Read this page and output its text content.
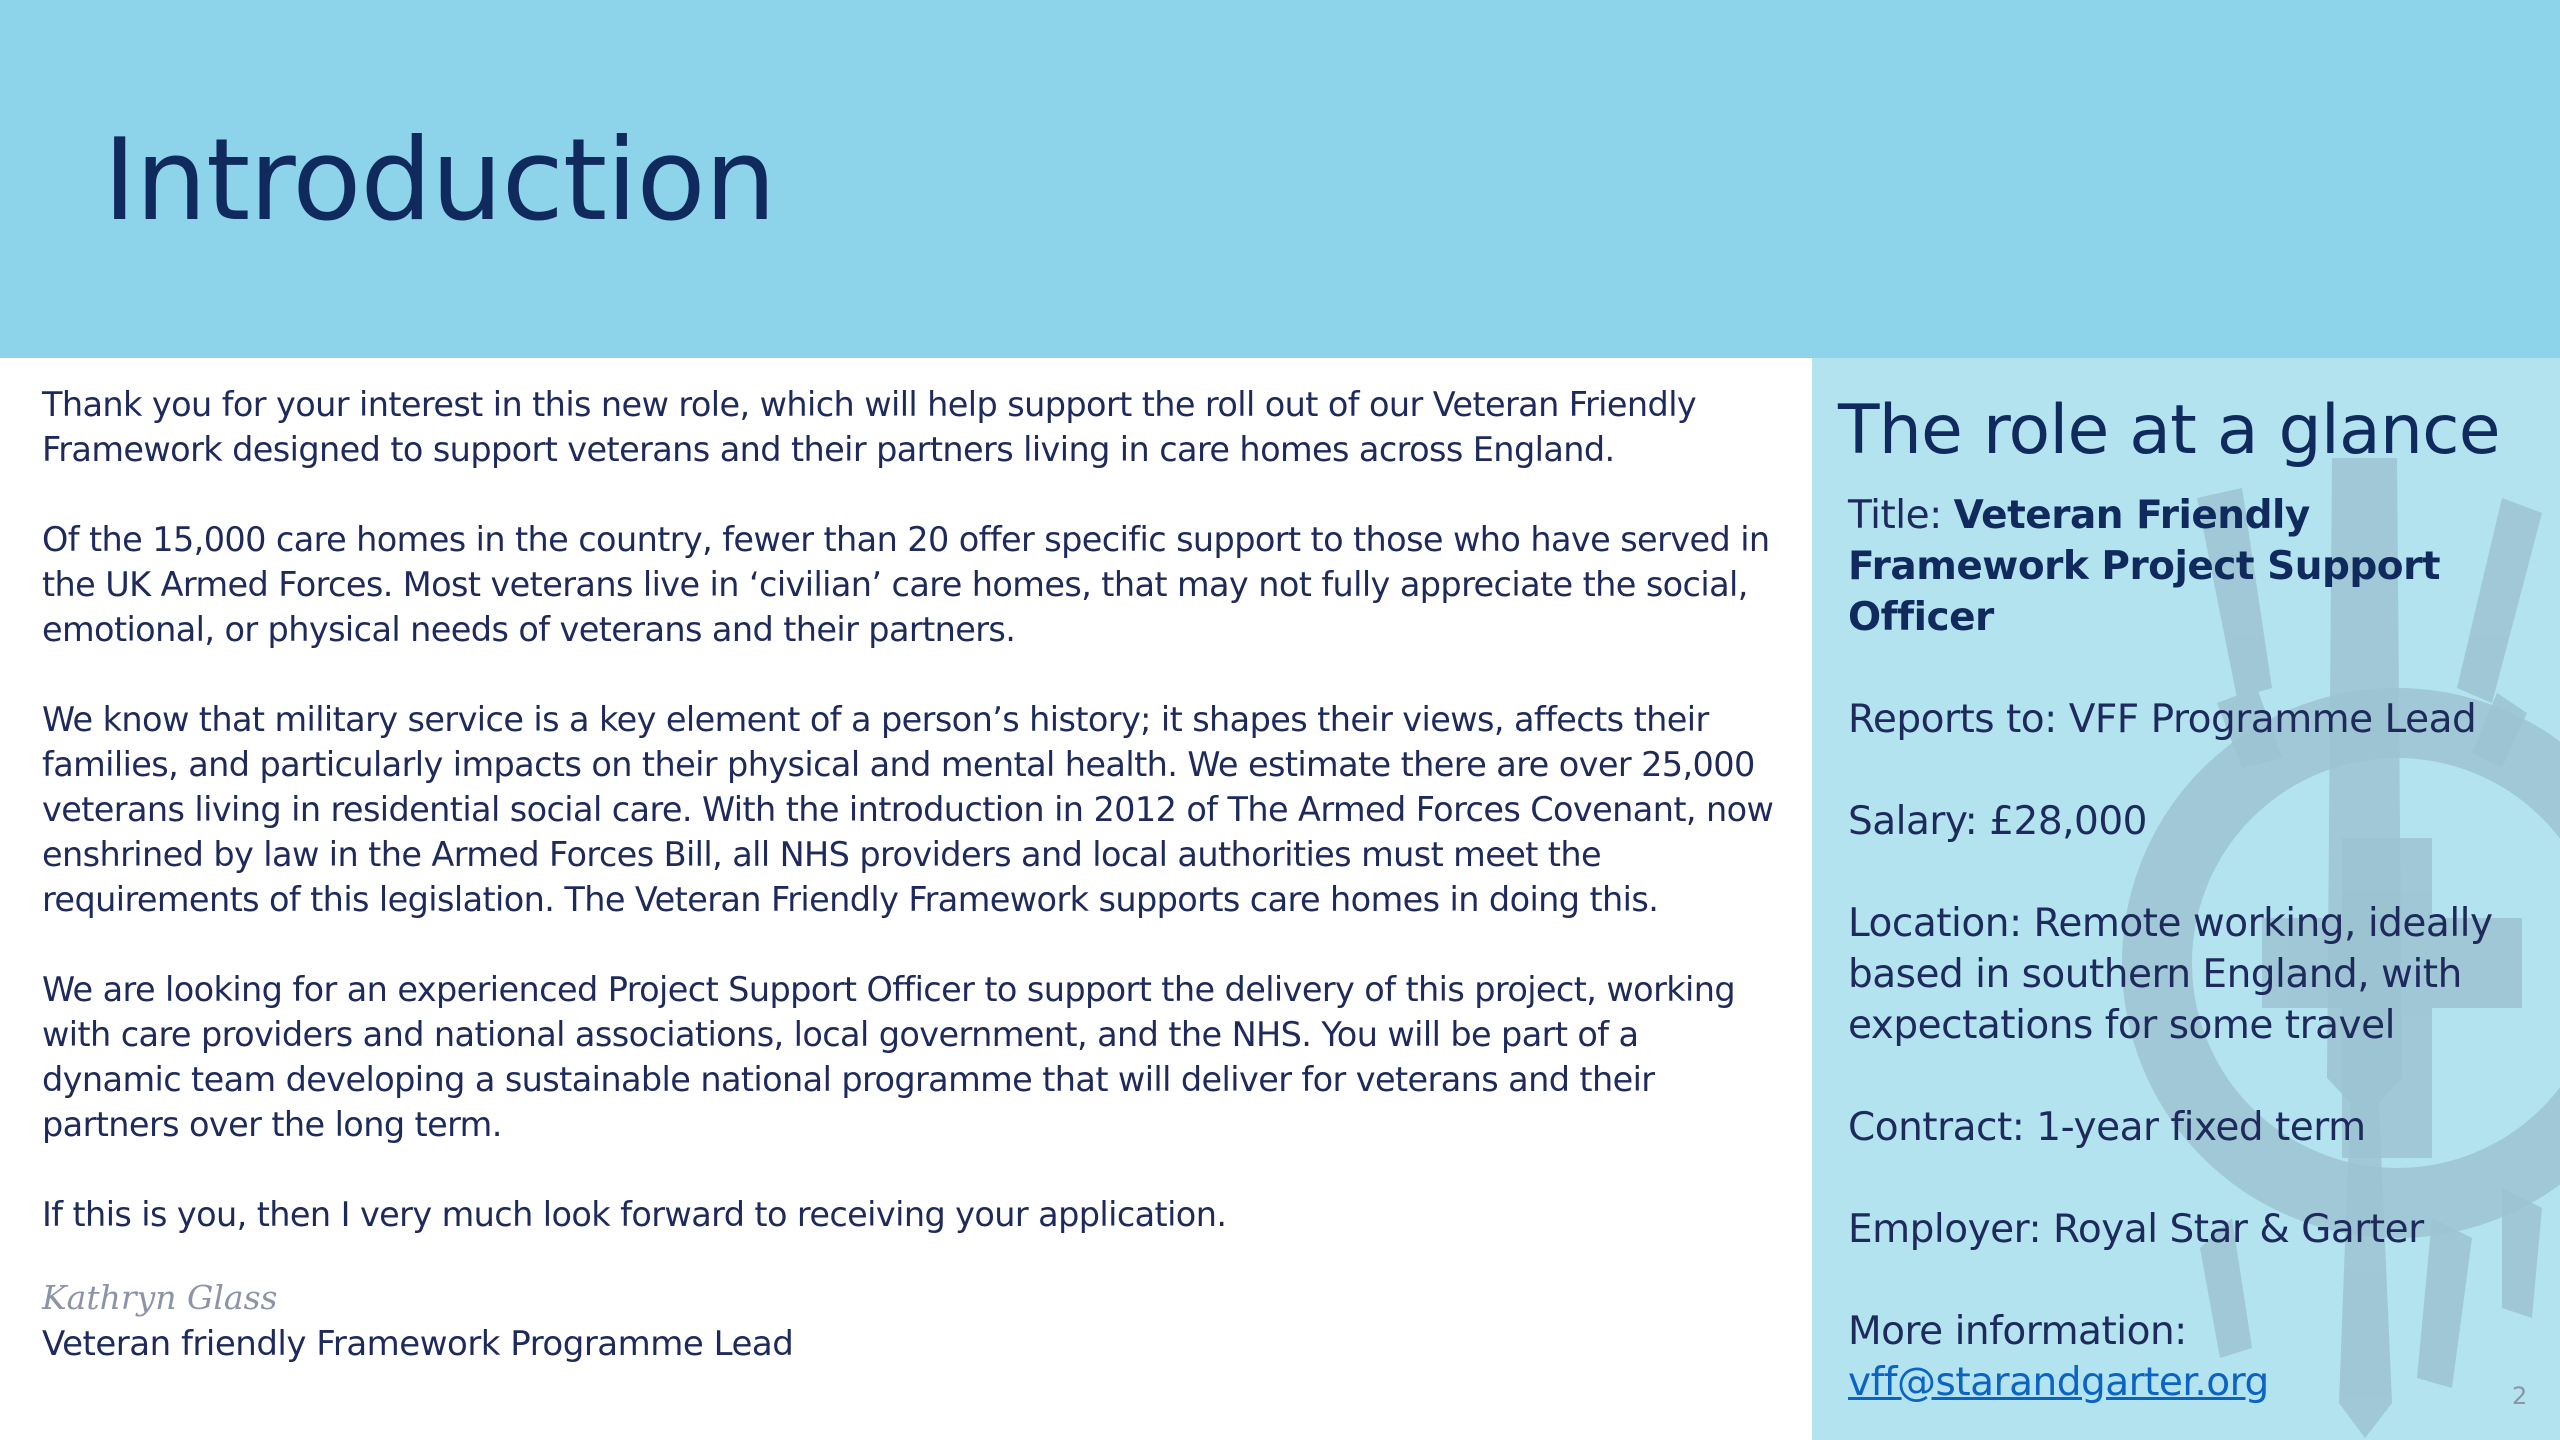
Introduction

Thank you for your interest in this new role, which will help support the roll out of our Veteran Friendly Framework designed to support veterans and their partners living in care homes across England.

Of the 15,000 care homes in the country, fewer than 20 offer specific support to those who have served in the UK Armed Forces. Most veterans live in ‘civilian’ care homes, that may not fully appreciate the social, emotional, or physical needs of veterans and their partners.

We know that military service is a key element of a person’s history; it shapes their views, affects their families, and particularly impacts on their physical and mental health. We estimate there are over 25,000 veterans living in residential social care. With the introduction in 2012 of The Armed Forces Covenant, now enshrined by law in the Armed Forces Bill, all NHS providers and local authorities must meet the requirements of this legislation. The Veteran Friendly Framework supports care homes in doing this.

We are looking for an experienced Project Support Officer to support the delivery of this project, working with care providers and national associations, local government, and the NHS. You will be part of a dynamic team developing a sustainable national programme that will deliver for veterans and their partners over the long term.

If this is you, then I very much look forward to receiving your application.

Kathryn Glass
Veteran friendly Framework Programme Lead
The role at a glance
Title: Veteran Friendly Framework Project Support Officer
Reports to: VFF Programme Lead
Salary: £28,000
Location: Remote working, ideally based in southern England, with expectations for some travel
Contract: 1-year fixed term
Employer: Royal Star & Garter
More information:
vff@starandgarter.org	2
